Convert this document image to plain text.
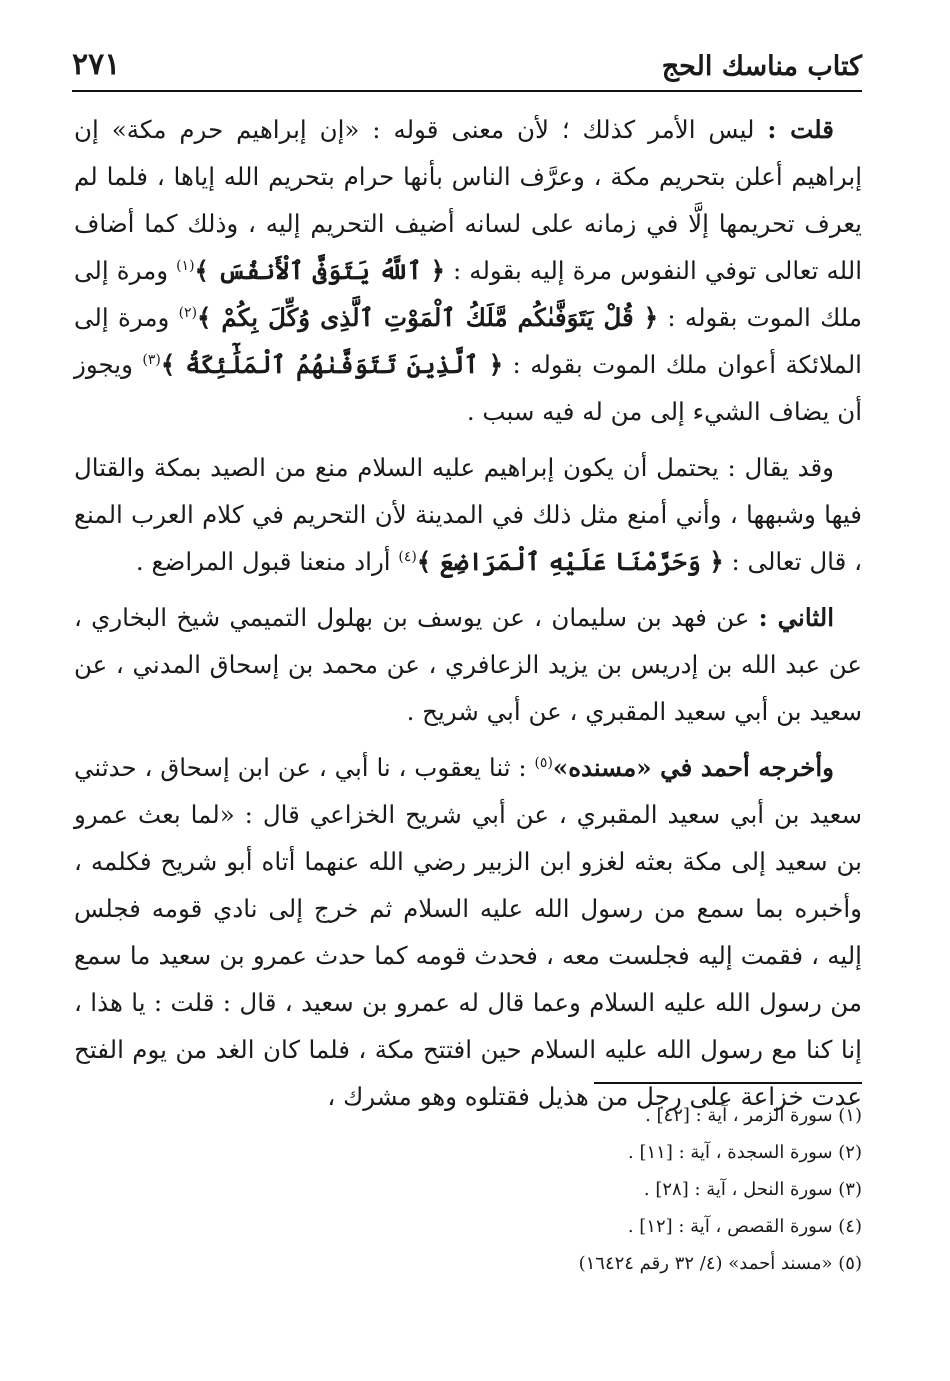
كتاب مناسك الحج
٢٧١

قلت : ليس الأمر كذلك ؛ لأن معنى قوله : «إن إبراهيم حرم مكة» إن إبراهيم أعلن بتحريم مكة ، وعرَّف الناس بأنها حرام بتحريم الله إياها ، فلما لم يعرف تحريمها إلَّا في زمانه على لسانه أضيف التحريم إليه ، وذلك كما أضاف الله تعالى توفي النفوس مرة إليه بقوله : ﴿ ٱللَّهُ يَتَوَفَّى ٱلْأَنفُسَ ﴾$^{(١)}$ ومرة إلى ملك الموت بقوله : ﴿ قُلْ يَتَوَفَّىٰكُم مَّلَكُ ٱلْمَوْتِ ٱلَّذِى وُكِّلَ بِكُمْ ﴾$^{(٢)}$ ومرة إلى الملائكة أعوان ملك الموت بقوله : ﴿ ٱلَّذِينَ تَتَوَفَّىٰهُمُ ٱلْمَلَٰٓئِكَةُ ﴾$^{(٣)}$ ويجوز أن يضاف الشيء إلى من له فيه سبب .

وقد يقال : يحتمل أن يكون إبراهيم عليه السلام منع من الصيد بمكة والقتال فيها وشبهها ، وأني أمنع مثل ذلك في المدينة لأن التحريم في كلام العرب المنع ، قال تعالى : ﴿ وَحَرَّمْنَا عَلَيْهِ ٱلْمَرَاضِعَ ﴾$^{(٤)}$ أراد منعنا قبول المراضع .

الثاني : عن فهد بن سليمان ، عن يوسف بن بهلول التميمي شيخ البخاري ، عن عبد الله بن إدريس بن يزيد الزعافري ، عن محمد بن إسحاق المدني ، عن سعيد بن أبي سعيد المقبري ، عن أبي شريح .

وأخرجه أحمد في «مسنده»$^{(٥)}$ : ثنا يعقوب ، نا أبي ، عن ابن إسحاق ، حدثني سعيد بن أبي سعيد المقبري ، عن أبي شريح الخزاعي قال : «لما بعث عمرو بن سعيد إلى مكة بعثه لغزو ابن الزبير رضي الله عنهما أتاه أبو شريح فكلمه ، وأخبره بما سمع من رسول الله عليه السلام ثم خرج إلى نادي قومه فجلس إليه ، فقمت إليه فجلست معه ، فحدث قومه كما حدث عمرو بن سعيد ما سمع من رسول الله عليه السلام وعما قال له عمرو بن سعيد ، قال : قلت : يا هذا ، إنا كنا مع رسول الله عليه السلام حين افتتح مكة ، فلما كان الغد من يوم الفتح عدت خزاعة على رجل من هذيل فقتلوه وهو مشرك ،

(١) سورة الزمر ، آية : [٤٢] .
(٢) سورة السجدة ، آية : [١١] .
(٣) سورة النحل ، آية : [٢٨] .
(٤) سورة القصص ، آية : [١٢] .
(٥) «مسند أحمد» (٤/ ٣٢ رقم ١٦٤٢٤)
